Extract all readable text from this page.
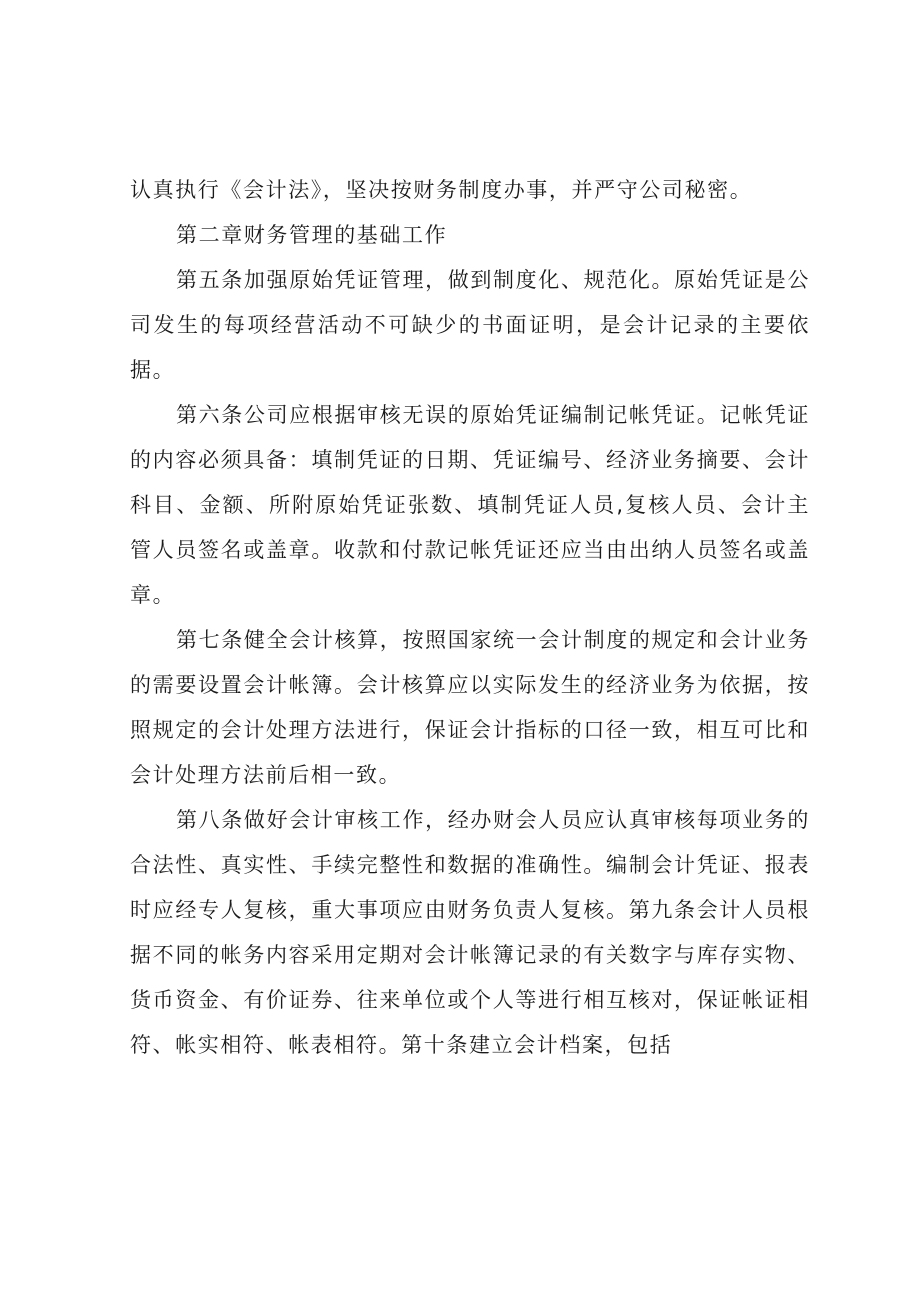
认真执行《会计法》，坚决按财务制度办事，并严守公司秘密。

第二章财务管理的基础工作

第五条加强原始凭证管理，做到制度化、规范化。原始凭证是公司发生的每项经营活动不可缺少的书面证明，是会计记录的主要依据。

第六条公司应根据审核无误的原始凭证编制记帐凭证。记帐凭证的内容必须具备：填制凭证的日期、凭证编号、经济业务摘要、会计科目、金额、所附原始凭证张数、填制凭证人员,复核人员、会计主管人员签名或盖章。收款和付款记帐凭证还应当由出纳人员签名或盖章。

第七条健全会计核算，按照国家统一会计制度的规定和会计业务的需要设置会计帐簿。会计核算应以实际发生的经济业务为依据，按照规定的会计处理方法进行，保证会计指标的口径一致，相互可比和会计处理方法前后相一致。

第八条做好会计审核工作，经办财会人员应认真审核每项业务的合法性、真实性、手续完整性和数据的准确性。编制会计凭证、报表时应经专人复核，重大事项应由财务负责人复核。第九条会计人员根据不同的帐务内容采用定期对会计帐簿记录的有关数字与库存实物、货币资金、有价证券、往来单位或个人等进行相互核对，保证帐证相符、帐实相符、帐表相符。第十条建立会计档案，包括
